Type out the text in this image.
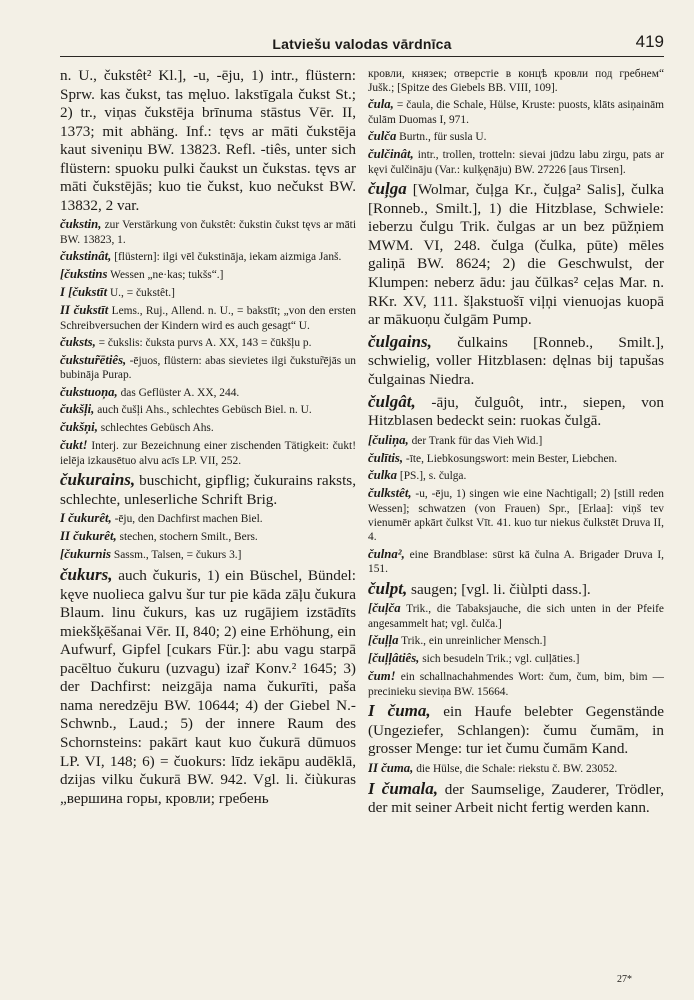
Latviešu valodas vārdnīca	419

n. U., čukstêt² Kl.], -u, -ēju, 1) intr., flüstern: Sprw. kas čukst, tas męluo. lakstīgala čukst St.; 2) tr., viņas čukstēja brīnuma stāstus Vēr. II, 1373; mit abhäng. Inf.: tęvs ar māti čukstēja kaut siveniņu BW. 13823. Refl. -tiês, unter sich flüstern: spuoku pulki čaukst un čukstas. tęvs ar māti čukstējās; kuo tie čukst, kuo nečukst BW. 13832, 2 var.

čukstin, zur Verstärkung von čukstêt: čukstin čukst tęvs ar māti BW. 13823, 1.

čukstinât, [flüstern]: ilgi vēl čukstināja, iekam aizmiga Janš.

[čukstins Wessen „ne·kas; tukšs“.]

I [čukstīt U., = čukstêt.]

II čukstīt Lems., Ruj., Allend. n. U., = bakstīt; „von den ersten Schreibversuchen der Kindern wird es auch gesagt“ U.

čuksts, = čukslis: čuksta purvs A. XX, 143 = čūkšļu p.

čukstur̃ētiês, -ējuos, flüstern: abas sievietes ilgi čukstur̃ējās un bubināja Purap.

čukstuoņa, das Geflüster A. XX, 244.

čukšļi, auch čušļi Ahs., schlechtes Gebüsch Biel. n. U.

čukšņi, schlechtes Gebüsch Ahs.

čukt! Interj. zur Bezeichnung einer zischenden Tätigkeit: čukt! ielēja izkausētuo alvu acīs LP. VII, 252.

čukurains, buschicht, gipflig; čukurains raksts, schlechte, unleserliche Schrift Brig.

I čukurêt, -ēju, den Dachfirst machen Biel.

II čukurêt, stechen, stochern Smilt., Bers.

[čukurnis Sassm., Talsen, = čukurs 3.]

čukurs, auch čukuris, 1) ein Büschel, Bündel: kęve nuolieca galvu šur tur pie kāda zāļu čukura Blaum. linu čukurs, kas uz rugājiem izstādīts miekšķēšanai Vēr. II, 840; 2) eine Erhöhung, ein Aufwurf, Gipfel [cukars Für.]: abu vagu starpā pacēltuo čukuru (uzvagu) izar̃ Konv.² 1645; 3) der Dachfirst: neizgāja nama čukurīti, paša nama neredzēju BW. 10644; 4) der Giebel N.-Schwnb., Laud.; 5) der innere Raum des Schornsteins: pakārt kaut kuo čukurā dūmuos LP. VI, 148; 6) = čuokurs: līdz iekāpu audēklā, dzijas vilku čukurā BW. 942. Vgl. li. čiùkuras „вершина горы, кровли; гребень

кровли, князек; отверстiе в концѣ кровли под гребнем“ Jušk.; [Spitze des Giebels BB. VIII, 109].

čula, = čaula, die Schale, Hülse, Kruste: puosts, klāts asiņainām čulām Duomas I, 971.

čulča Burtn., für susla U.

čulčinât, intr., trollen, trotteln: sievai jūdzu labu zirgu, pats ar kęvi čulčināju (Var.: kulķęnāju) BW. 27226 [aus Tirsen].

čuļga [Wolmar, čuļga Kr., čuļga² Salis], čulka [Ronneb., Smilt.], 1) die Hitzblase, Schwiele: ieberzu čulgu Trik. čulgas ar un bez pūžņiem MWM. VI, 248. čulga (čulka, pūte) mēles galiņā BW. 8624; 2) die Geschwulst, der Klumpen: neberz ādu: jau čūlkas² ceļas Mar. n. RKr. XV, 111. šļakstuošī viļņi vienuojas kuopā ar mākuoņu čulgām Pump.

čulgains, čulkains [Ronneb., Smilt.], schwielig, voller Hitzblasen: dęlnas bij tapušas čulgainas Niedra.

čulgât, -āju, čulguôt, intr., siepen, von Hitzblasen bedeckt sein: ruokas čulgā.

[čuliņa, der Trank für das Vieh Wid.]

čulītis, -īte, Liebkosungswort: mein Bester, Liebchen.

čulka [PS.], s. čulga.

čulkstêt, -u, -ēju, 1) singen wie eine Nachtigall; 2) [still reden Wessen]; schwatzen (von Frauen) Spr., [Erlaa]: viņš tev vienumēr apkārt čulkst Vīt. 41. kuo tur niekus čulkstēt Druva II, 4.

čulna², eine Brandblase: sūrst kā čulna A. Brigader Druva I, 151.

čulpt, saugen; [vgl. li. čiùlpti dass.].

[čuļča Trik., die Tabaksjauche, die sich unten in der Pfeife angesammelt hat; vgl. čulča.]

[čuļļa Trik., ein unreinlicher Mensch.]

[čuļļâtiês, sich besudeln Trik.; vgl. culļāties.]

čum! ein schallnachahmendes Wort: čum, čum, bim, bim — precinieku sieviņa BW. 15664.

I čuma, ein Haufe belebter Gegenstände (Ungeziefer, Schlangen): čumu čumām, in grosser Menge: tur iet čumu čumām Kand.

II čuma, die Hülse, die Schale: riekstu č. BW. 23052.

I čumala, der Saumselige, Zauderer, Trödler, der mit seiner Arbeit nicht fertig werden kann.

27*
